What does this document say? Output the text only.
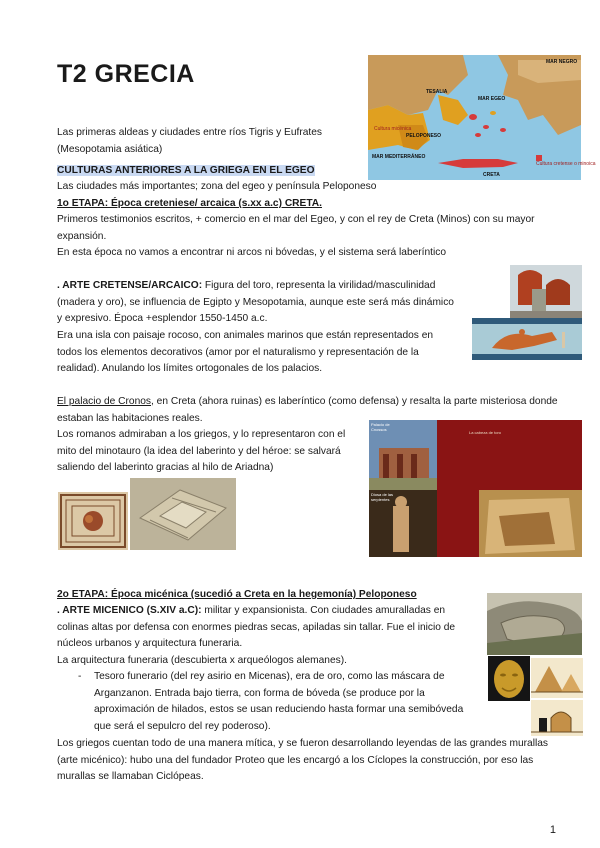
T2 GRECIA	MAR NEGRO
TESALIA
MAR EGEO
Cultura micénica
PELOPONESO
MAR MEDITERRÁNEO
Cultura cretense o minoica
CRETA

Las primeras aldeas y ciudades entre ríos Tigris y Eufrates (Mesopotamia asiática)

CULTURAS ANTERIORES A LA GRIEGA EN EL EGEO

Las ciudades más importantes; zona del egeo y península Peloponeso

1o ETAPA: Época creteniese/ arcaica (s.xx a.c) CRETA.

Primeros testimonios escritos, + comercio en el mar del Egeo, y con el rey de Creta (Minos) con su mayor expansión.

En esta época no vamos a encontrar ni arcos ni bóvedas, y el sistema será laberíntico

. ARTE CRETENSE/ARCAICO: Figura del toro, representa la virilidad/masculinidad (madera y oro), se influencia de Egipto y Mesopotamia, aunque este será más dinámico y expresivo. Época +esplendor 1550-1450 a.c.

Era una isla con paisaje rocoso, con animales marinos que están representados en todos los elementos decorativos (amor por el naturalismo y representación de la realidad). Anulando los límites ortogonales de los palacios.

El palacio de Cronos, en Creta (ahora ruinas) es laberíntico (como defensa) y resalta la parte misteriosa donde estaban las habitaciones reales.

Los romanos admiraban a los griegos, y lo representaron con el mito del minotauro (la idea del laberinto y del héroe: se salvará saliendo del laberinto gracias al hilo de Ariadna)

La cabeza de toro
Palacio de
Cnossos
Diosa de las
serpientes

2o ETAPA: Época micénica (sucedió a Creta en la hegemonía) Peloponeso

. ARTE MICENICO (S.XIV a.C): militar y expansionista. Con ciudades amuralladas en colinas altas por defensa con enormes piedras secas, apiladas sin tallar. Fue el inicio de núcleos urbanos y arquitectura funeraria.

La arquitectura funeraria (descubierta x arqueólogos alemanes).

- Tesoro funerario (del rey asirio en Micenas), era de oro, como las máscara de Arganzanon. Entrada bajo tierra, con forma de bóveda (se produce por la aproximación de hilados, estos se usan reduciendo hasta formar una semibóveda que será el sepulcro del rey poderoso).

Los griegos cuentan todo de una manera mítica, y se fueron desarrollando leyendas de las grandes murallas (arte micénico): hubo una del fundador Proteo que les encargó a los Cíclopes la construcción, por eso las murallas se llamaban Ciclópeas.

1
